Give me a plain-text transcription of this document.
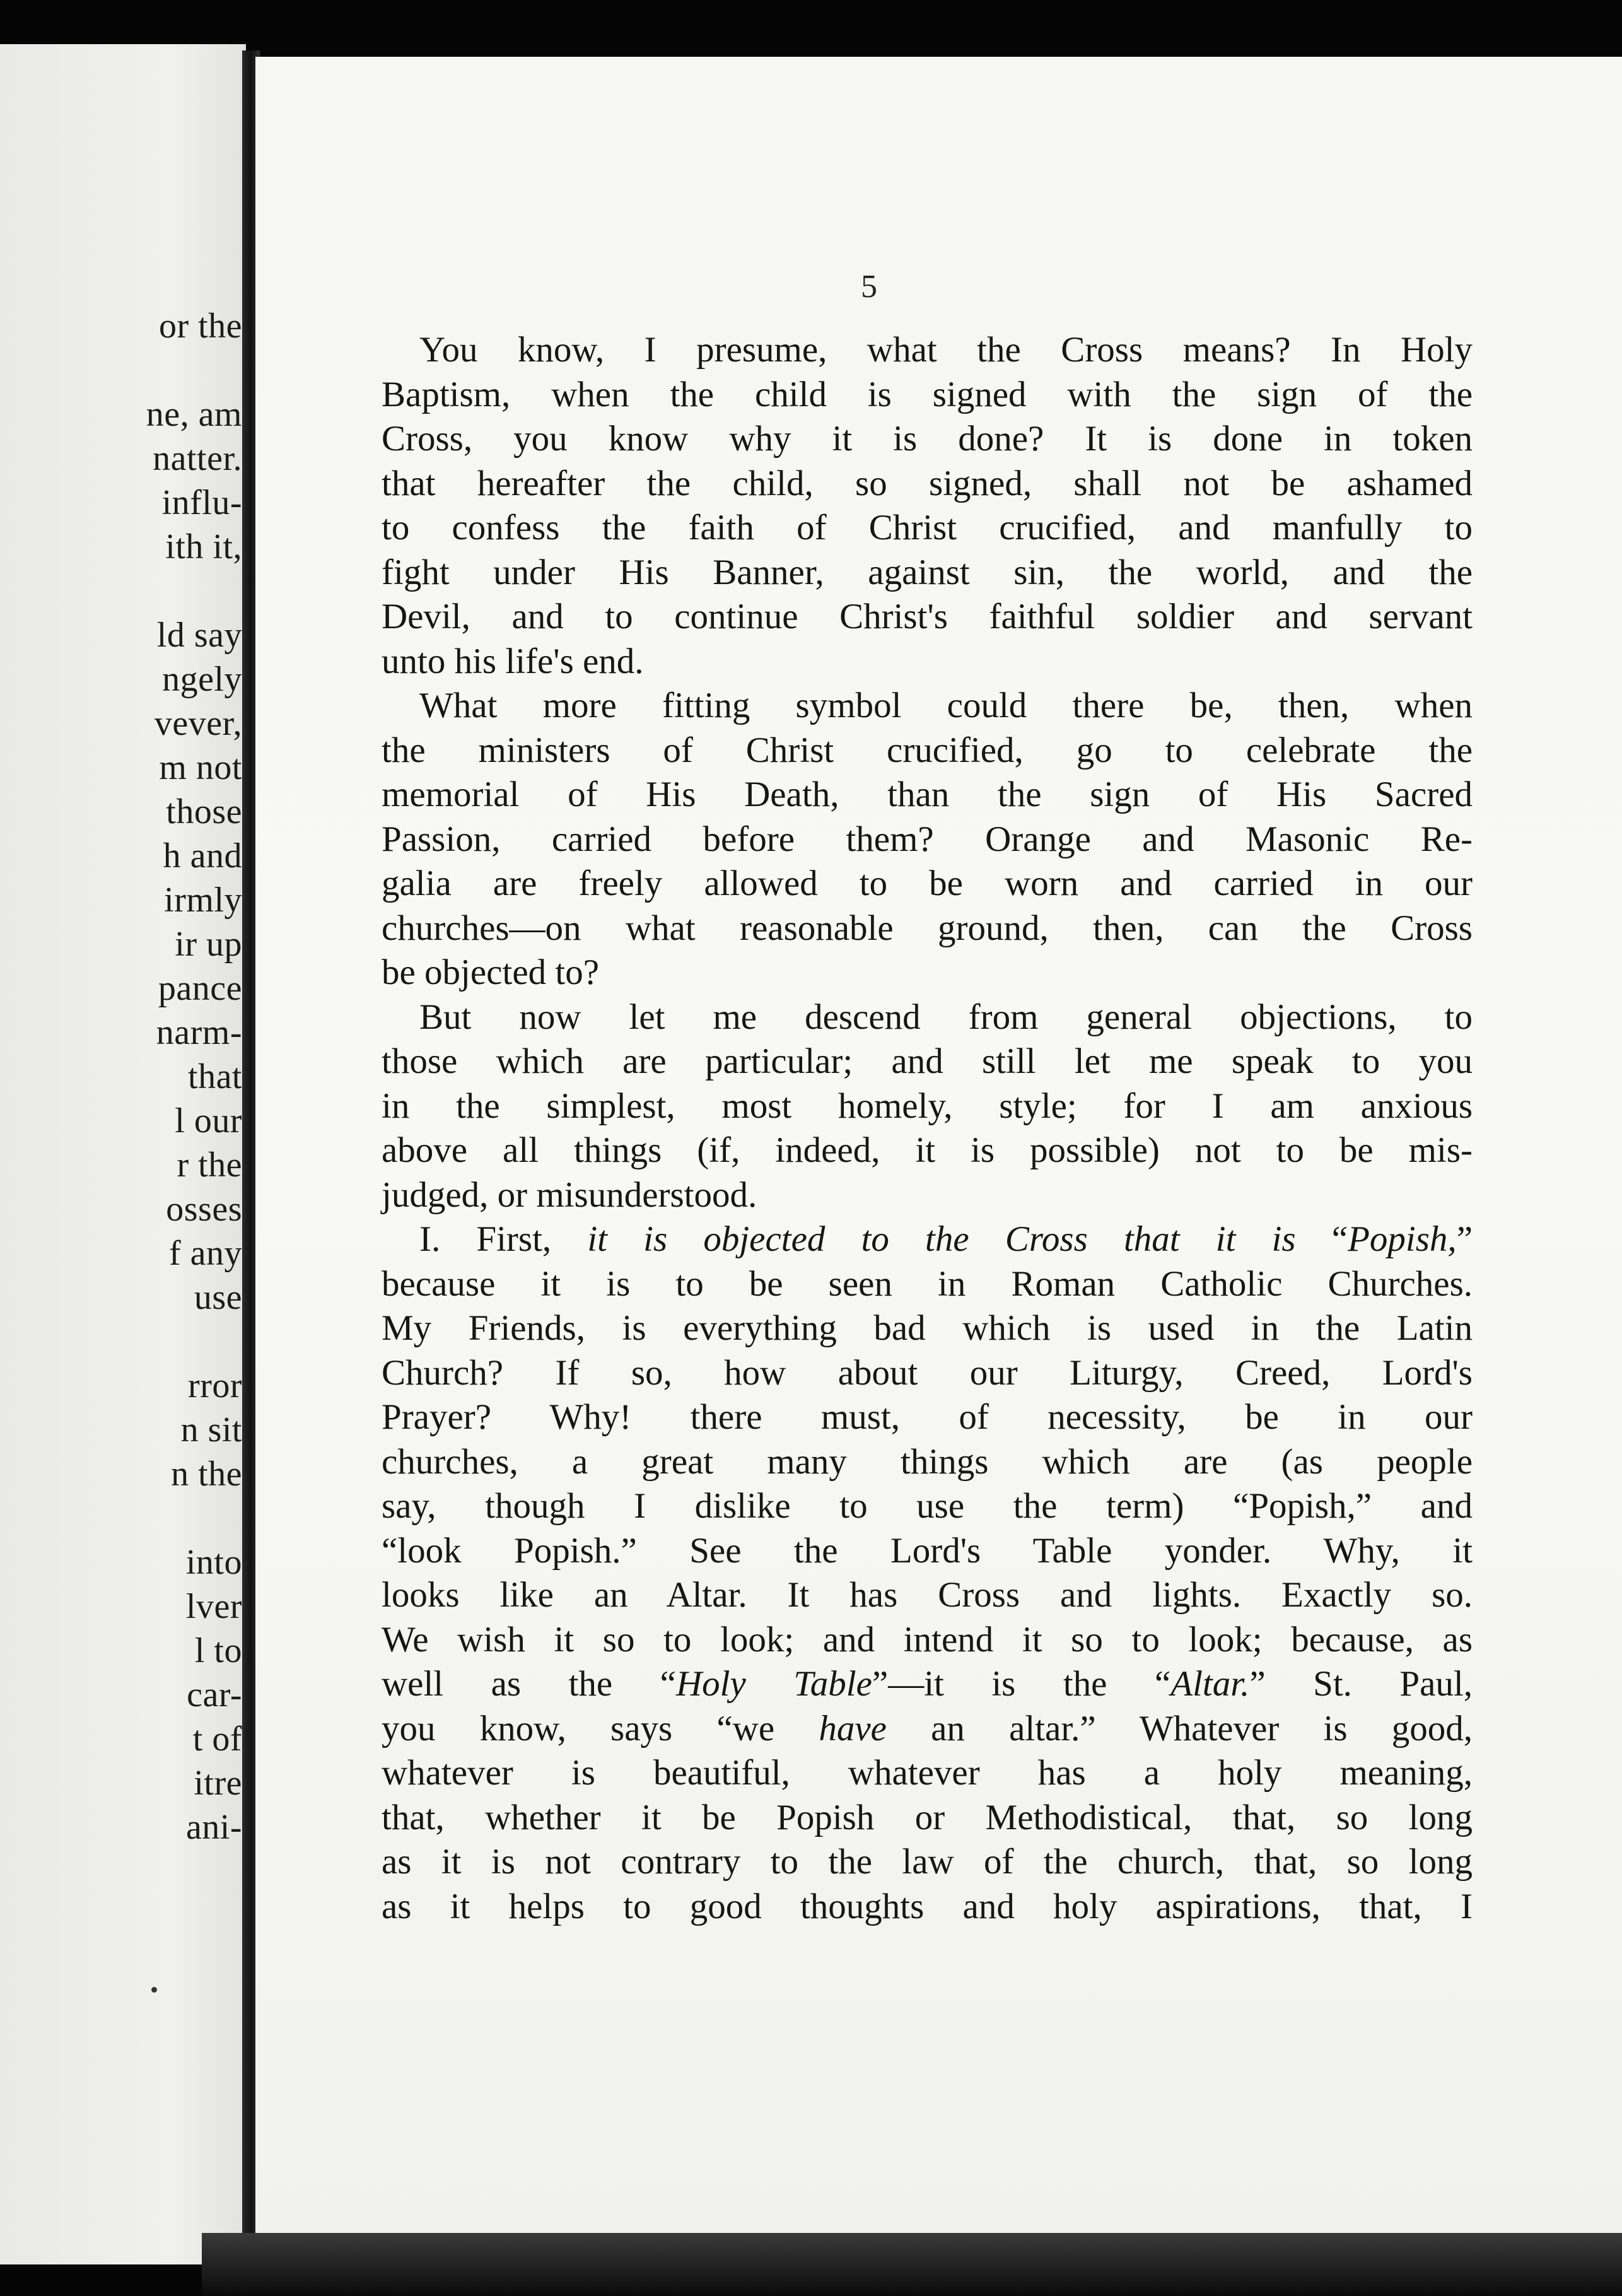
or the
ne, am
natter.
influ-
ith it,
ld say
ngely
vever,
m not
those
h and
irmly
ir up
pance
narm-
that
l our
r the
osses
f any
use
rror
n sit
n the
into
lver
l to
car-
t of
itre
ani-
5

You know, I presume, what the Cross means? In Holy
Baptism, when the child is signed with the sign of the
Cross, you know why it is done? It is done in token
that hereafter the child, so signed, shall not be ashamed
to confess the faith of Christ crucified, and manfully to
fight under His Banner, against sin, the world, and the
Devil, and to continue Christ's faithful soldier and servant
unto his life's end.

What more fitting symbol could there be, then, when
the ministers of Christ crucified, go to celebrate the
memorial of His Death, than the sign of His Sacred
Passion, carried before them? Orange and Masonic Re-
galia are freely allowed to be worn and carried in our
churches—on what reasonable ground, then, can the Cross
be objected to?

But now let me descend from general objections, to
those which are particular; and still let me speak to you
in the simplest, most homely, style; for I am anxious
above all things (if, indeed, it is possible) not to be mis-
judged, or misunderstood.

I. First, it is objected to the Cross that it is “Popish,”
because it is to be seen in Roman Catholic Churches.
My Friends, is everything bad which is used in the Latin
Church? If so, how about our Liturgy, Creed, Lord's
Prayer? Why! there must, of necessity, be in our
churches, a great many things which are (as people
say, though I dislike to use the term) “Popish,” and
“look Popish.” See the Lord's Table yonder. Why, it
looks like an Altar. It has Cross and lights. Exactly so.
We wish it so to look; and intend it so to look; because, as
well as the “Holy Table”—it is the “Altar.” St. Paul,
you know, says “we have an altar.” Whatever is good,
whatever is beautiful, whatever has a holy meaning,
that, whether it be Popish or Methodistical, that, so long
as it is not contrary to the law of the church, that, so long
as it helps to good thoughts and holy aspirations, that, I
